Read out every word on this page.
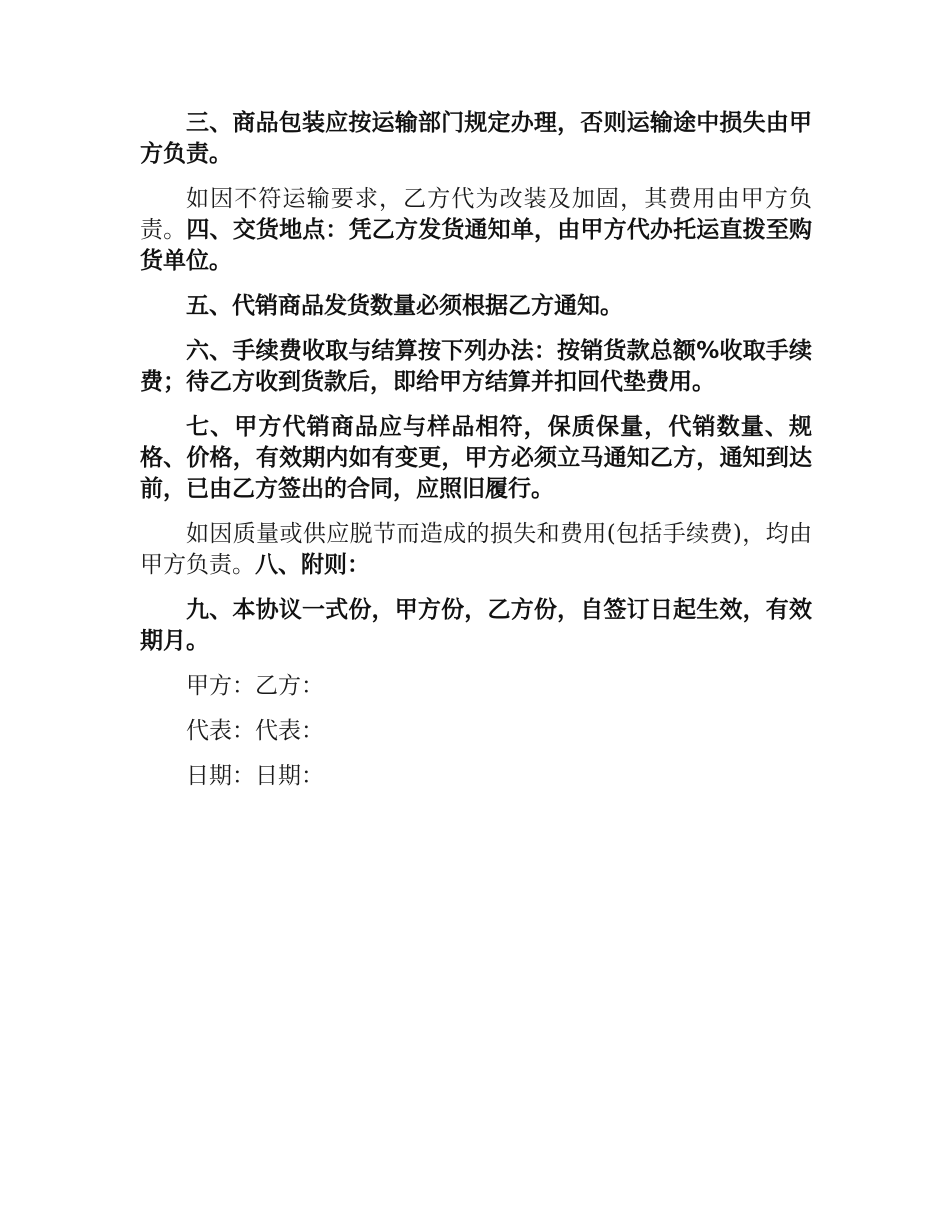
三、商品包装应按运输部门规定办理，否则运输途中损失由甲方负责。

如因不符运输要求，乙方代为改装及加固，其费用由甲方负责。四、交货地点：凭乙方发货通知单，由甲方代办托运直拨至购货单位。

五、代销商品发货数量必须根据乙方通知。

六、手续费收取与结算按下列办法：按销货款总额%收取手续费；待乙方收到货款后，即给甲方结算并扣回代垫费用。

七、甲方代销商品应与样品相符，保质保量，代销数量、规格、价格，有效期内如有变更，甲方必须立马通知乙方，通知到达前，已由乙方签出的合同，应照旧履行。

如因质量或供应脱节而造成的损失和费用(包括手续费)，均由甲方负责。八、附则：

九、本协议一式份，甲方份，乙方份，自签订日起生效，有效期月。

甲方：乙方：

代表：代表：

日期：日期：
